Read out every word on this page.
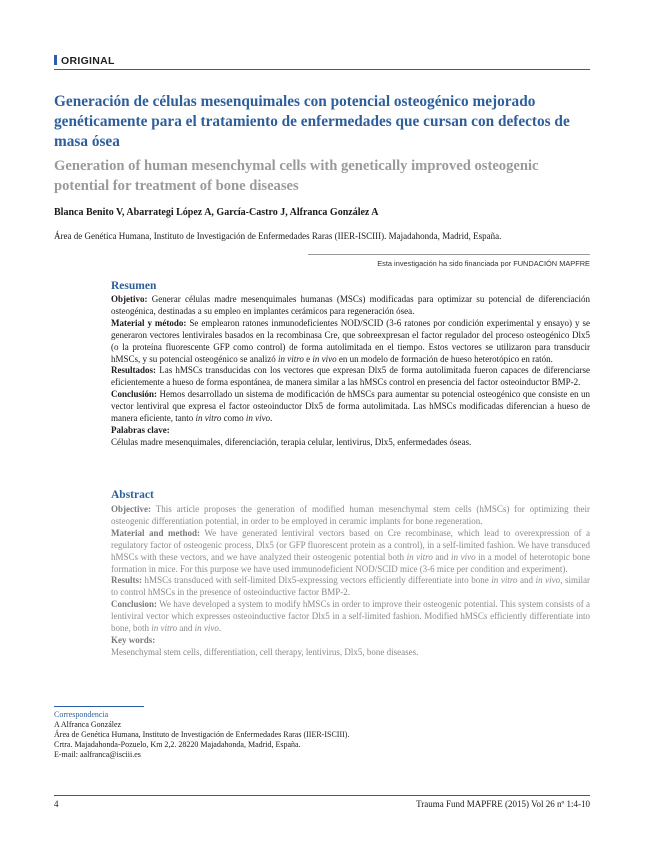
ORIGINAL
Generación de células mesenquimales con potencial osteogénico mejorado genéticamente para el tratamiento de enfermedades que cursan con defectos de masa ósea
Generation of human mesenchymal cells with genetically improved osteogenic potential for treatment of bone diseases
Blanca Benito V, Abarrategi López A, García-Castro J, Alfranca González A
Área de Genética Humana, Instituto de Investigación de Enfermedades Raras (IIER-ISCIII). Majadahonda, Madrid, España.
Esta investigación ha sido financiada por FUNDACIÓN MAPFRE
Resumen

Objetivo: Generar células madre mesenquimales humanas (MSCs) modificadas para optimizar su potencial de diferenciación osteogénica, destinadas a su empleo en implantes cerámicos para regeneración ósea.

Material y método: Se emplearon ratones inmunodeficientes NOD/SCID (3-6 ratones por condición experimental y ensayo) y se generaron vectores lentivirales basados en la recombinasa Cre, que sobreexpresan el factor regulador del proceso osteogénico Dlx5 (o la proteína fluorescente GFP como control) de forma autolimitada en el tiempo. Estos vectores se utilizaron para transducir hMSCs, y su potencial osteogénico se analizó in vitro e in vivo en un modelo de formación de hueso heterotópico en ratón.

Resultados: Las hMSCs transducidas con los vectores que expresan Dlx5 de forma autolimitada fueron capaces de diferenciarse eficientemente a hueso de forma espontánea, de manera similar a las hMSCs control en presencia del factor osteoinductor BMP-2.

Conclusión: Hemos desarrollado un sistema de modificación de hMSCs para aumentar su potencial osteogénico que consiste en un vector lentiviral que expresa el factor osteoinductor Dlx5 de forma autolimitada. Las hMSCs modificadas diferencian a hueso de manera eficiente, tanto in vitro como in vivo.

Palabras clave:

Células madre mesenquimales, diferenciación, terapia celular, lentivirus, Dlx5, enfermedades óseas.

Abstract

Objective: This article proposes the generation of modified human mesenchymal stem cells (hMSCs) for optimizing their osteogenic differentiation potential, in order to be employed in ceramic implants for bone regeneration.

Material and method: We have generated lentiviral vectors based on Cre recombinase, which lead to overexpression of a regulatory factor of osteogenic process, Dlx5 (or GFP fluorescent protein as a control), in a self-limited fashion. We have transduced hMSCs with these vectors, and we have analyzed their osteogenic potential both in vitro and in vivo in a model of heterotopic bone formation in mice. For this purpose we have used immunodeficient NOD/SCID mice (3-6 mice per condition and experiment).

Results: hMSCs transduced with self-limited Dlx5-expressing vectors efficiently differentiate into bone in vitro and in vivo, similar to control hMSCs in the presence of osteoinductive factor BMP-2.

Conclusion: We have developed a system to modify hMSCs in order to improve their osteogenic potential. This system consists of a lentiviral vector which expresses osteoinductive factor Dlx5 in a self-limited fashion. Modified hMSCs efficiently differentiate into bone, both in vitro and in vivo.

Key words:

Mesenchymal stem cells, differentiation, cell therapy, lentivirus, Dlx5, bone diseases.

Correspondencia
A Alfranca González
Área de Genética Humana, Instituto de Investigación de Enfermedades Raras (IIER-ISCIII).
Crtra. Majadahonda-Pozuelo, Km 2,2. 28220 Majadahonda, Madrid, España.
E-mail: aalfranca@isciii.es
4	Trauma Fund MAPFRE (2015) Vol 26 nº 1:4-10
